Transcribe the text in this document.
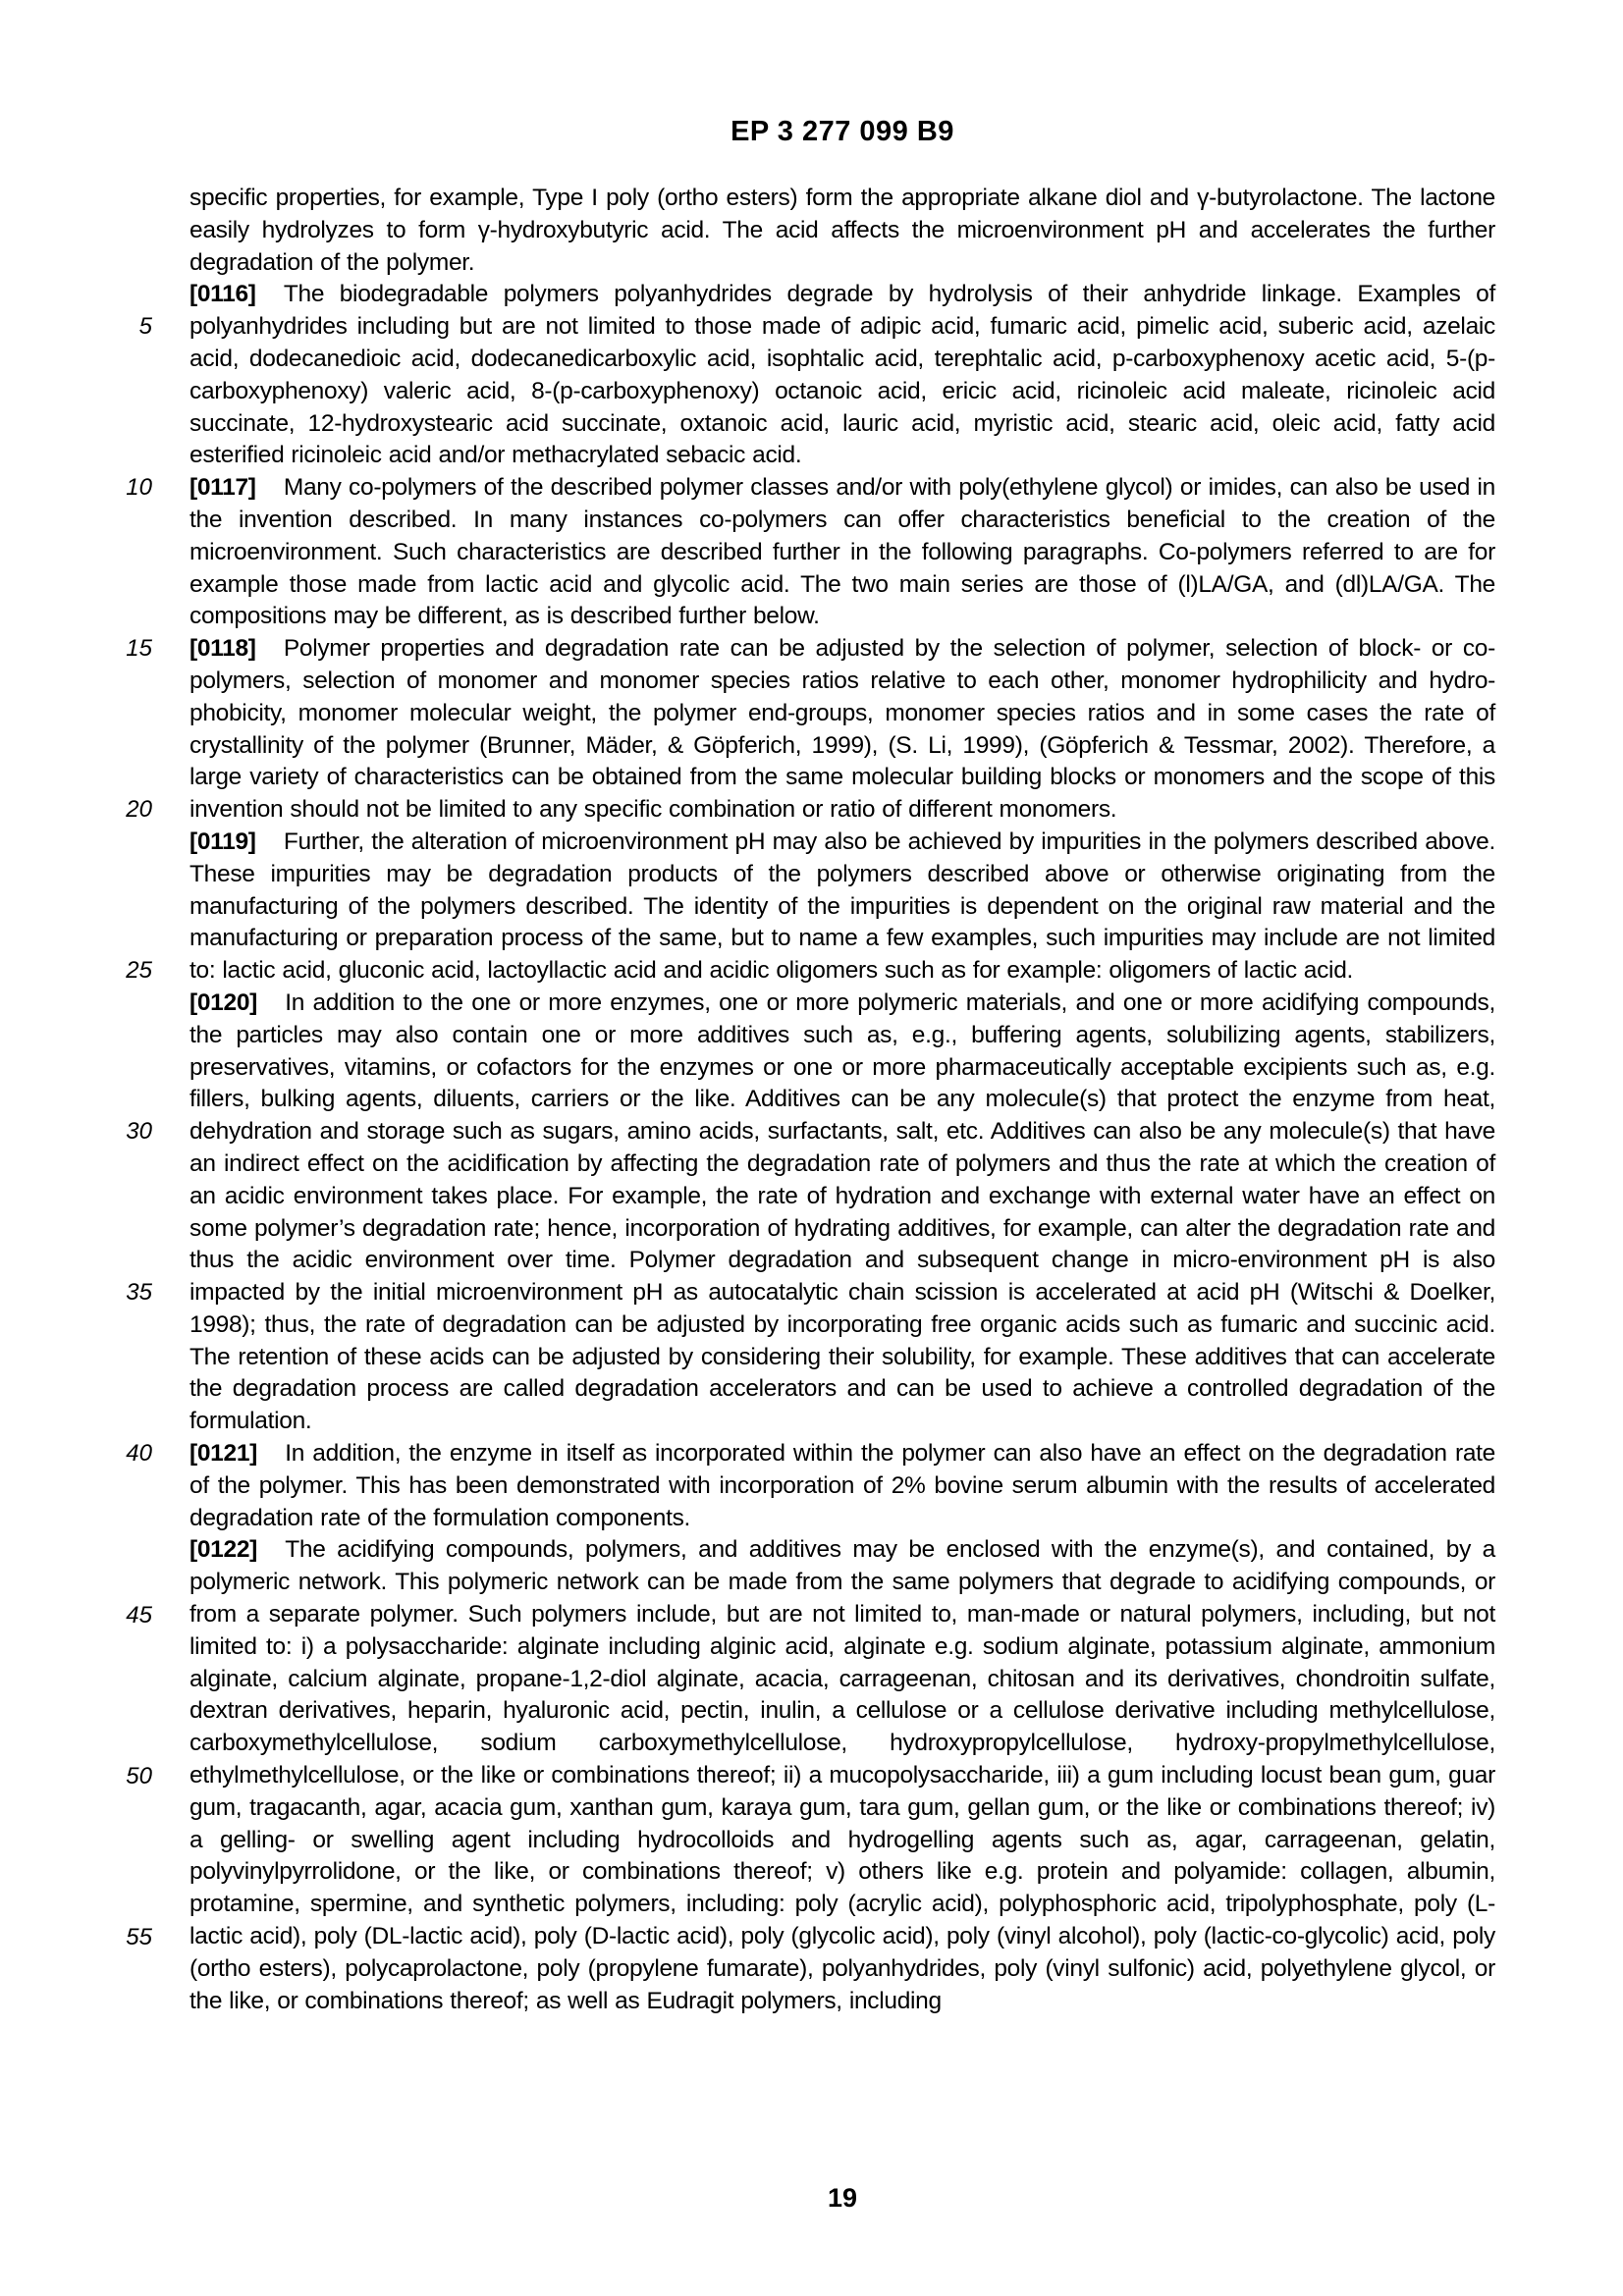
EP 3 277 099 B9
5
10
15
20
25
30
35
40
45
50
55

specific properties, for example, Type I poly (ortho esters) form the appropriate alkane diol and γ-butyrolactone. The lactone easily hydrolyzes to form γ-hydroxybutyric acid. The acid affects the microenvironment pH and accelerates the further degradation of the polymer.

[0116] The biodegradable polymers polyanhydrides degrade by hydrolysis of their anhydride linkage. Examples of polyanhydrides including but are not limited to those made of adipic acid, fumaric acid, pimelic acid, suberic acid, azelaic acid, dodecanedioic acid, dodecanedicarboxylic acid, isophtalic acid, terephtalic acid, p-carboxyphenoxy acetic acid, 5-(p-carboxyphenoxy) valeric acid, 8-(p-carboxyphenoxy) octanoic acid, ericic acid, ricinoleic acid maleate, ricinoleic acid succinate, 12-hydroxystearic acid succinate, oxtanoic acid, lauric acid, myristic acid, stearic acid, oleic acid, fatty acid esterified ricinoleic acid and/or methacrylated sebacic acid.

[0117] Many co-polymers of the described polymer classes and/or with poly(ethylene glycol) or imides, can also be used in the invention described. In many instances co-polymers can offer characteristics beneficial to the creation of the microenvironment. Such characteristics are described further in the following paragraphs. Co-polymers referred to are for example those made from lactic acid and glycolic acid. The two main series are those of (l)LA/GA, and (dl)LA/GA. The compositions may be different, as is described further below.

[0118] Polymer properties and degradation rate can be adjusted by the selection of polymer, selection of block- or co-polymers, selection of monomer and monomer species ratios relative to each other, monomer hydrophilicity and hydro-phobicity, monomer molecular weight, the polymer end-groups, monomer species ratios and in some cases the rate of crystallinity of the polymer (Brunner, Mäder, & Göpferich, 1999), (S. Li, 1999), (Göpferich & Tessmar, 2002). Therefore, a large variety of characteristics can be obtained from the same molecular building blocks or monomers and the scope of this invention should not be limited to any specific combination or ratio of different monomers.

[0119] Further, the alteration of microenvironment pH may also be achieved by impurities in the polymers described above. These impurities may be degradation products of the polymers described above or otherwise originating from the manufacturing of the polymers described. The identity of the impurities is dependent on the original raw material and the manufacturing or preparation process of the same, but to name a few examples, such impurities may include are not limited to: lactic acid, gluconic acid, lactoyllactic acid and acidic oligomers such as for example: oligomers of lactic acid.

[0120] In addition to the one or more enzymes, one or more polymeric materials, and one or more acidifying compounds, the particles may also contain one or more additives such as, e.g., buffering agents, solubilizing agents, stabilizers, preservatives, vitamins, or cofactors for the enzymes or one or more pharmaceutically acceptable excipients such as, e.g. fillers, bulking agents, diluents, carriers or the like. Additives can be any molecule(s) that protect the enzyme from heat, dehydration and storage such as sugars, amino acids, surfactants, salt, etc. Additives can also be any molecule(s) that have an indirect effect on the acidification by affecting the degradation rate of polymers and thus the rate at which the creation of an acidic environment takes place. For example, the rate of hydration and exchange with external water have an effect on some polymer’s degradation rate; hence, incorporation of hydrating additives, for example, can alter the degradation rate and thus the acidic environment over time. Polymer degradation and subsequent change in micro-environment pH is also impacted by the initial microenvironment pH as autocatalytic chain scission is accelerated at acid pH (Witschi & Doelker, 1998); thus, the rate of degradation can be adjusted by incorporating free organic acids such as fumaric and succinic acid. The retention of these acids can be adjusted by considering their solubility, for example. These additives that can accelerate the degradation process are called degradation accelerators and can be used to achieve a controlled degradation of the formulation.

[0121] In addition, the enzyme in itself as incorporated within the polymer can also have an effect on the degradation rate of the polymer. This has been demonstrated with incorporation of 2% bovine serum albumin with the results of accelerated degradation rate of the formulation components.

[0122] The acidifying compounds, polymers, and additives may be enclosed with the enzyme(s), and contained, by a polymeric network. This polymeric network can be made from the same polymers that degrade to acidifying compounds, or from a separate polymer. Such polymers include, but are not limited to, man-made or natural polymers, including, but not limited to: i) a polysaccharide: alginate including alginic acid, alginate e.g. sodium alginate, potassium alginate, ammonium alginate, calcium alginate, propane-1,2-diol alginate, acacia, carrageenan, chitosan and its derivatives, chondroitin sulfate, dextran derivatives, heparin, hyaluronic acid, pectin, inulin, a cellulose or a cellulose derivative including methylcellulose, carboxymethylcellulose, sodium carboxymethylcellulose, hydroxypropylcellulose, hydroxy-propylmethylcellulose, ethylmethylcellulose, or the like or combinations thereof; ii) a mucopolysaccharide, iii) a gum including locust bean gum, guar gum, tragacanth, agar, acacia gum, xanthan gum, karaya gum, tara gum, gellan gum, or the like or combinations thereof; iv) a gelling- or swelling agent including hydrocolloids and hydrogelling agents such as, agar, carrageenan, gelatin, polyvinylpyrrolidone, or the like, or combinations thereof; v) others like e.g. protein and polyamide: collagen, albumin, protamine, spermine, and synthetic polymers, including: poly (acrylic acid), polyphosphoric acid, tripolyphosphate, poly (L-lactic acid), poly (DL-lactic acid), poly (D-lactic acid), poly (glycolic acid), poly (vinyl alcohol), poly (lactic-co-glycolic) acid, poly (ortho esters), polycaprolactone, poly (propylene fumarate), polyanhydrides, poly (vinyl sulfonic) acid, polyethylene glycol, or the like, or combinations thereof; as well as Eudragit polymers, including

19
